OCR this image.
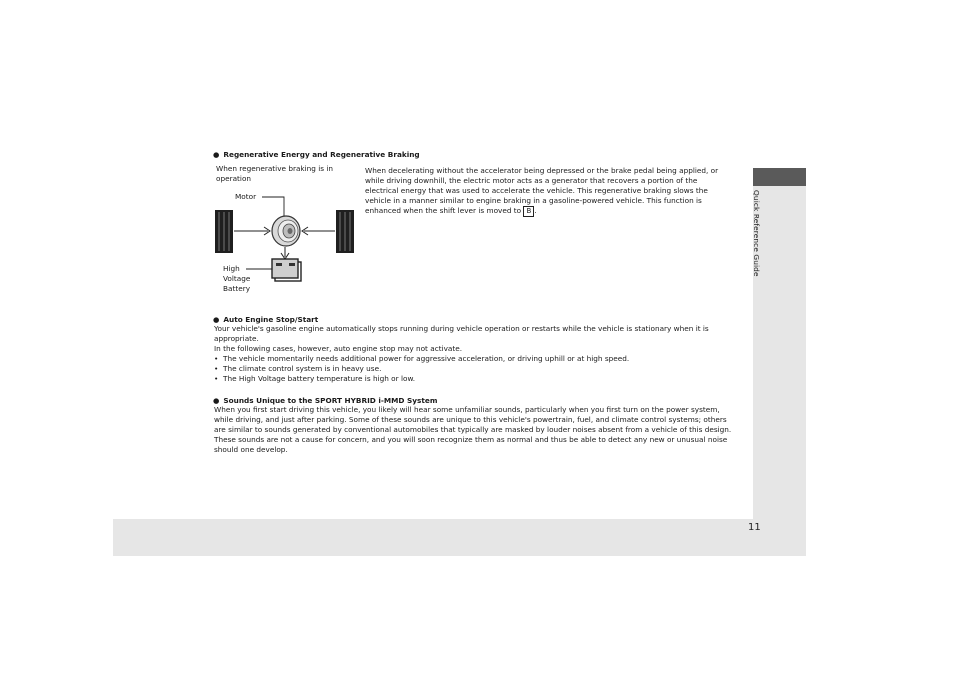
Quick Reference Guide
11
● Regenerative Energy and Regenerative Braking
When regenerative braking is in
operation
Motor
High
Voltage
Battery
When decelerating without the accelerator being depressed or the brake pedal being applied, or
while driving downhill, the electric motor acts as a generator that recovers a portion of the
electrical energy that was used to accelerate the vehicle. This regenerative braking slows the
vehicle in a manner similar to engine braking in a gasoline-powered vehicle. This function is
enhanced when the shift lever is moved to B .
● Auto Engine Stop/Start
Your vehicle's gasoline engine automatically stops running during vehicle operation or restarts while the vehicle is stationary when it is
appropriate.
In the following cases, however, auto engine stop may not activate.
• The vehicle momentarily needs additional power for aggressive acceleration, or driving uphill or at high speed.
• The climate control system is in heavy use.
• The High Voltage battery temperature is high or low.
● Sounds Unique to the SPORT HYBRID i-MMD System
When you first start driving this vehicle, you likely will hear some unfamiliar sounds, particularly when you first turn on the power system,
while driving, and just after parking. Some of these sounds are unique to this vehicle's powertrain, fuel, and climate control systems; others
are similar to sounds generated by conventional automobiles that typically are masked by louder noises absent from a vehicle of this design.
These sounds are not a cause for concern, and you will soon recognize them as normal and thus be able to detect any new or unusual noise
should one develop.
